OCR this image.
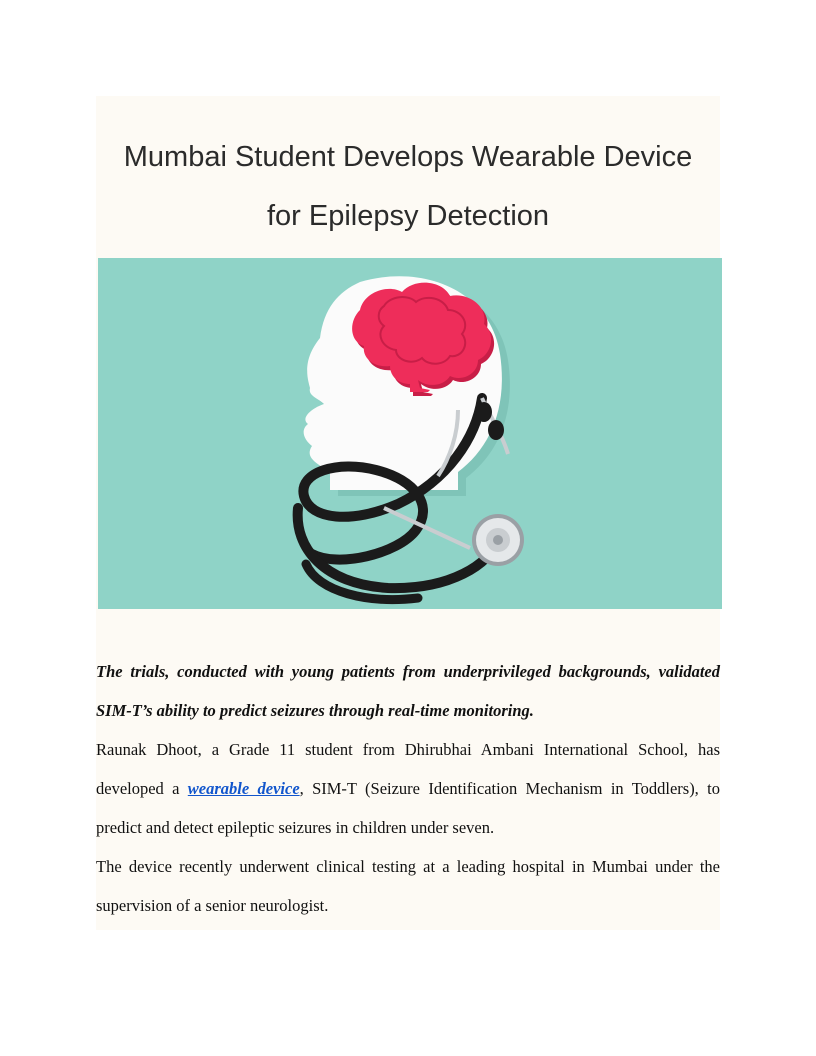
Mumbai Student Develops Wearable Device
for Epilepsy Detection

The trials, conducted with young patients from underprivileged backgrounds, validated SIM-T’s ability to predict seizures through real-time monitoring.

Raunak Dhoot, a Grade 11 student from Dhirubhai Ambani International School, has developed a wearable device, SIM-T (Seizure Identification Mechanism in Toddlers), to predict and detect epileptic seizures in children under seven.

The device recently underwent clinical testing at a leading hospital in Mumbai under the supervision of a senior neurologist.
